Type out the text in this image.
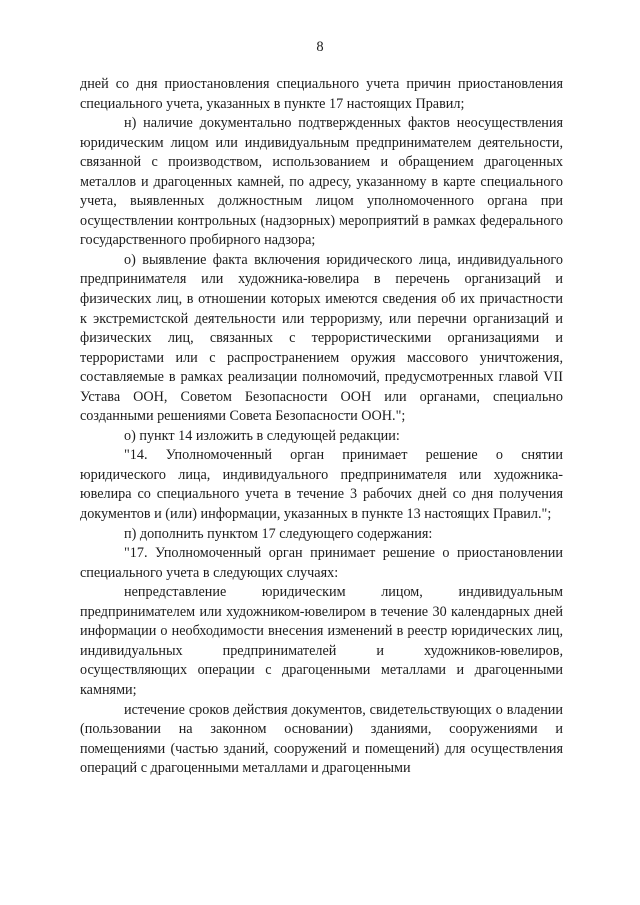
8

дней со дня приостановления специального учета причин приостановления специального учета, указанных в пункте 17 настоящих Правил;

н) наличие документально подтвержденных фактов неосуществления юридическим лицом или индивидуальным предпринимателем деятельности, связанной с производством, использованием и обращением драгоценных металлов и драгоценных камней, по адресу, указанному в карте специального учета, выявленных должностным лицом уполномоченного органа при осуществлении контрольных (надзорных) мероприятий в рамках федерального государственного пробирного надзора;

о) выявление факта включения юридического лица, индивидуального предпринимателя или художника-ювелира в перечень организаций и физических лиц, в отношении которых имеются сведения об их причастности к экстремистской деятельности или терроризму, или перечни организаций и физических лиц, связанных с террористическими организациями и террористами или с распространением оружия массового уничтожения, составляемые в рамках реализации полномочий, предусмотренных главой VII Устава ООН, Советом Безопасности ООН или органами, специально созданными решениями Совета Безопасности ООН.";

о) пункт 14 изложить в следующей редакции:

"14. Уполномоченный орган принимает решение о снятии юридического лица, индивидуального предпринимателя или художника-ювелира со специального учета в течение 3 рабочих дней со дня получения документов и (или) информации, указанных в пункте 13 настоящих Правил.";

п) дополнить пунктом 17 следующего содержания:

"17. Уполномоченный орган принимает решение о приостановлении специального учета в следующих случаях:

непредставление юридическим лицом, индивидуальным предпринимателем или художником-ювелиром в течение 30 календарных дней информации о необходимости внесения изменений в реестр юридических лиц, индивидуальных предпринимателей и художников-ювелиров, осуществляющих операции с драгоценными металлами и драгоценными камнями;

истечение сроков действия документов, свидетельствующих о владении (пользовании на законном основании) зданиями, сооружениями и помещениями (частью зданий, сооружений и помещений) для осуществления операций с драгоценными металлами и драгоценными
